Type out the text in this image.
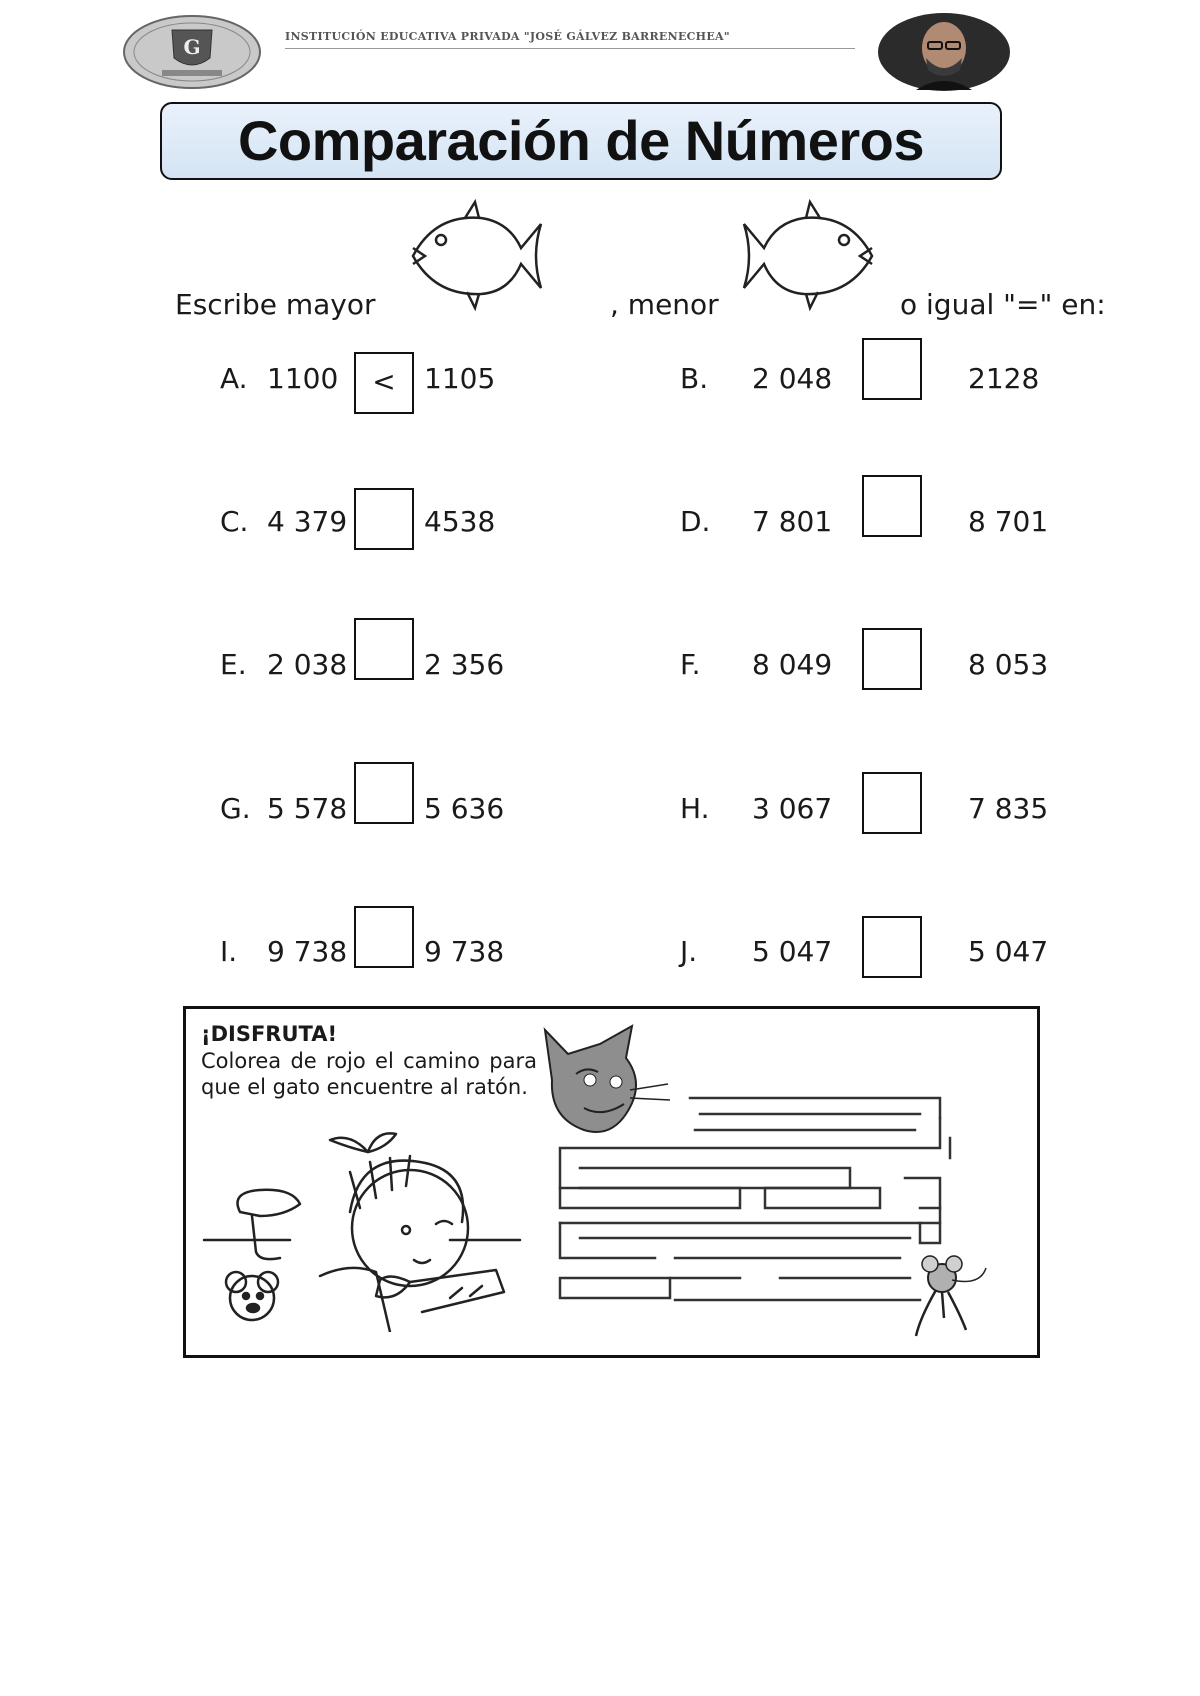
G	INSTITUCIÓN EDUCATIVA PRIVADA "JOSÉ GÁLVEZ BARRENECHEA"
Comparación de Números
Escribe mayor	, menor	o igual "=" en:
A. 1100	<	1105
C. 4 379	4538
E. 2 038	2 356
G. 5 578	5 636
I. 9 738	9 738
B. 2 048	2128
D. 7 801	8 701
F. 8 049	8 053
H. 3 067	7 835
J. 5 047	5 047
¡DISFRUTA!
Colorea de rojo el camino para que el gato encuentre al ratón.
